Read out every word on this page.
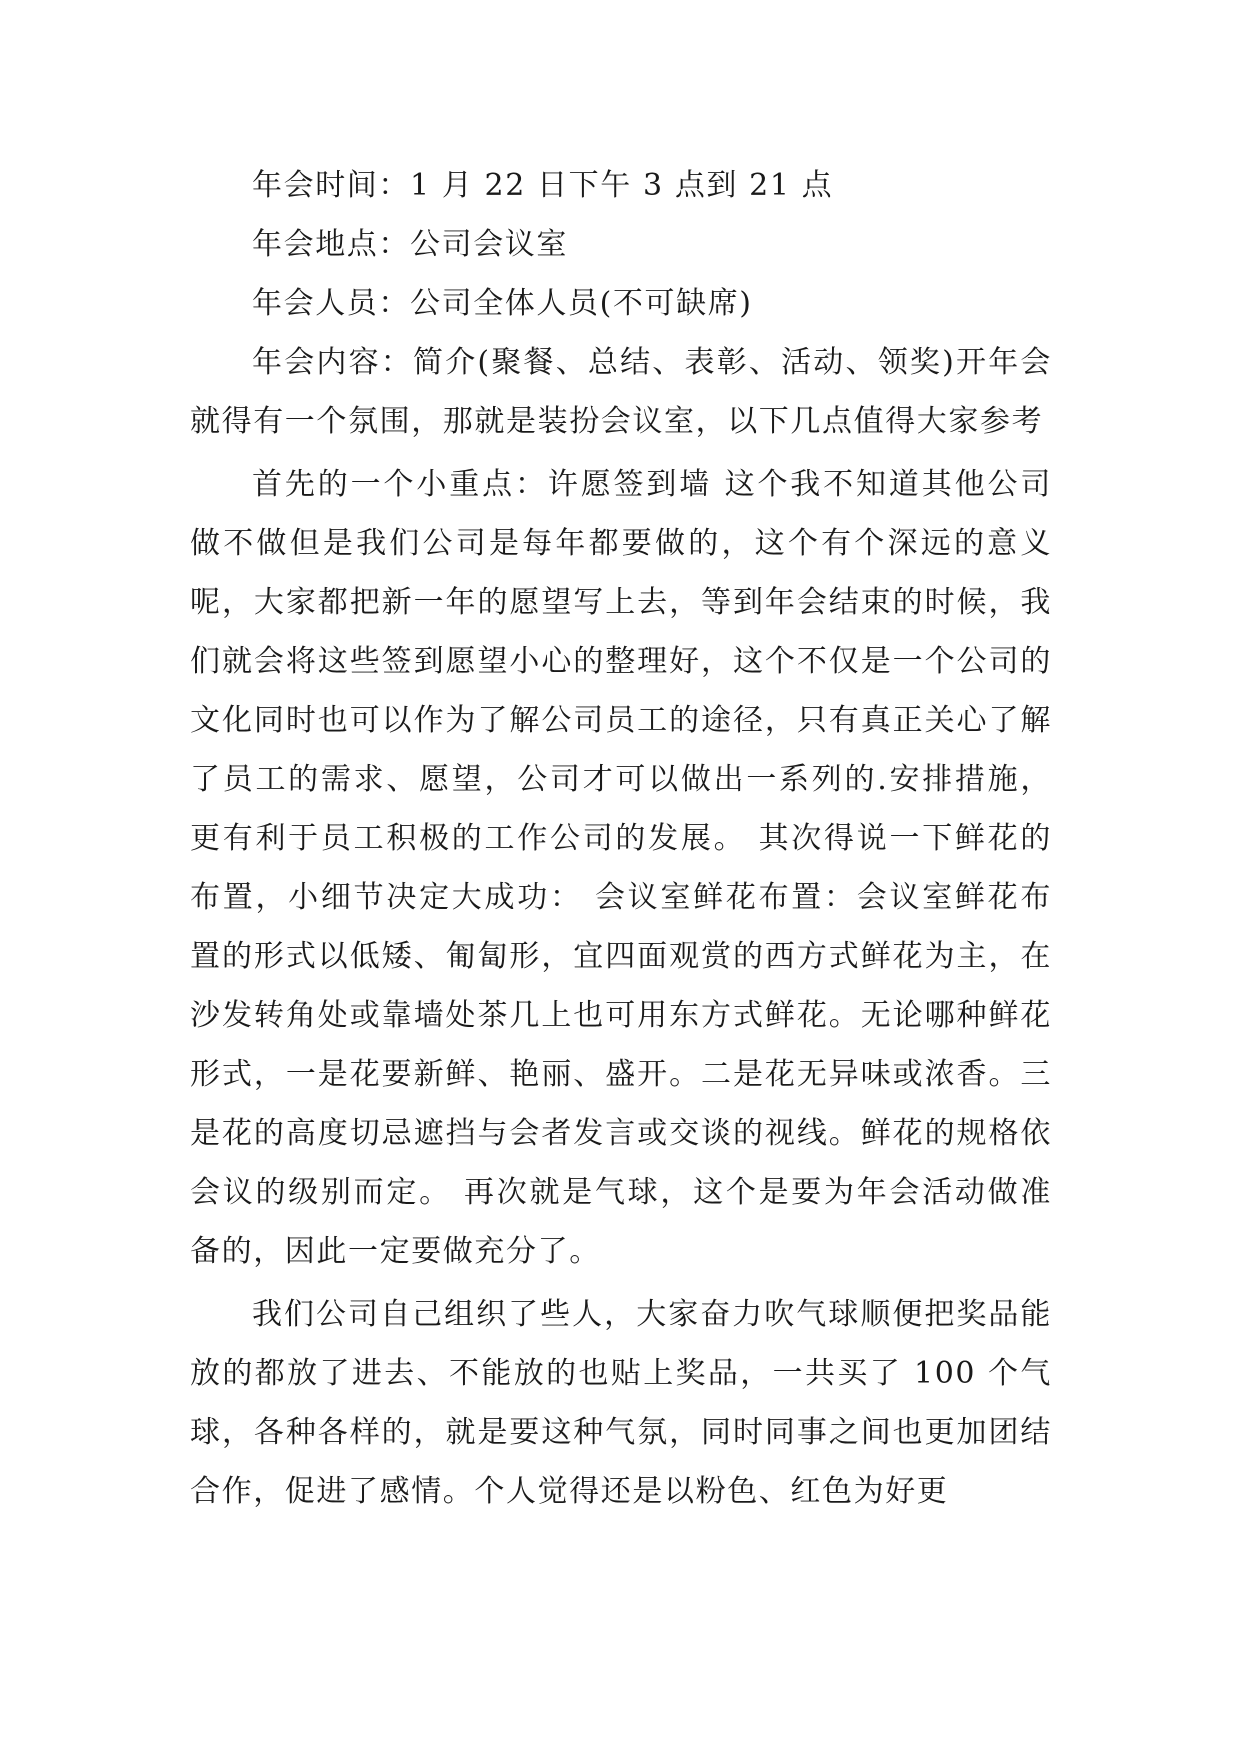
年会时间：1 月 22 日下午 3 点到 21 点

年会地点：公司会议室

年会人员：公司全体人员(不可缺席)

年会内容：简介(聚餐、总结、表彰、活动、领奖)开年会就得有一个氛围，那就是装扮会议室，以下几点值得大家参考

首先的一个小重点：许愿签到墙 这个我不知道其他公司做不做但是我们公司是每年都要做的，这个有个深远的意义呢，大家都把新一年的愿望写上去，等到年会结束的时候，我们就会将这些签到愿望小心的整理好，这个不仅是一个公司的文化同时也可以作为了解公司员工的途径，只有真正关心了解了员工的需求、愿望，公司才可以做出一系列的.安排措施，更有利于员工积极的工作公司的发展。 其次得说一下鲜花的布置，小细节决定大成功： 会议室鲜花布置：会议室鲜花布置的形式以低矮、匍匐形，宜四面观赏的西方式鲜花为主，在沙发转角处或靠墙处茶几上也可用东方式鲜花。无论哪种鲜花形式，一是花要新鲜、艳丽、盛开。二是花无异味或浓香。三是花的高度切忌遮挡与会者发言或交谈的视线。鲜花的规格依会议的级别而定。 再次就是气球，这个是要为年会活动做准备的，因此一定要做充分了。

我们公司自己组织了些人，大家奋力吹气球顺便把奖品能放的都放了进去、不能放的也贴上奖品，一共买了 100 个气球，各种各样的，就是要这种气氛，同时同事之间也更加团结合作，促进了感情。个人觉得还是以粉色、红色为好更
